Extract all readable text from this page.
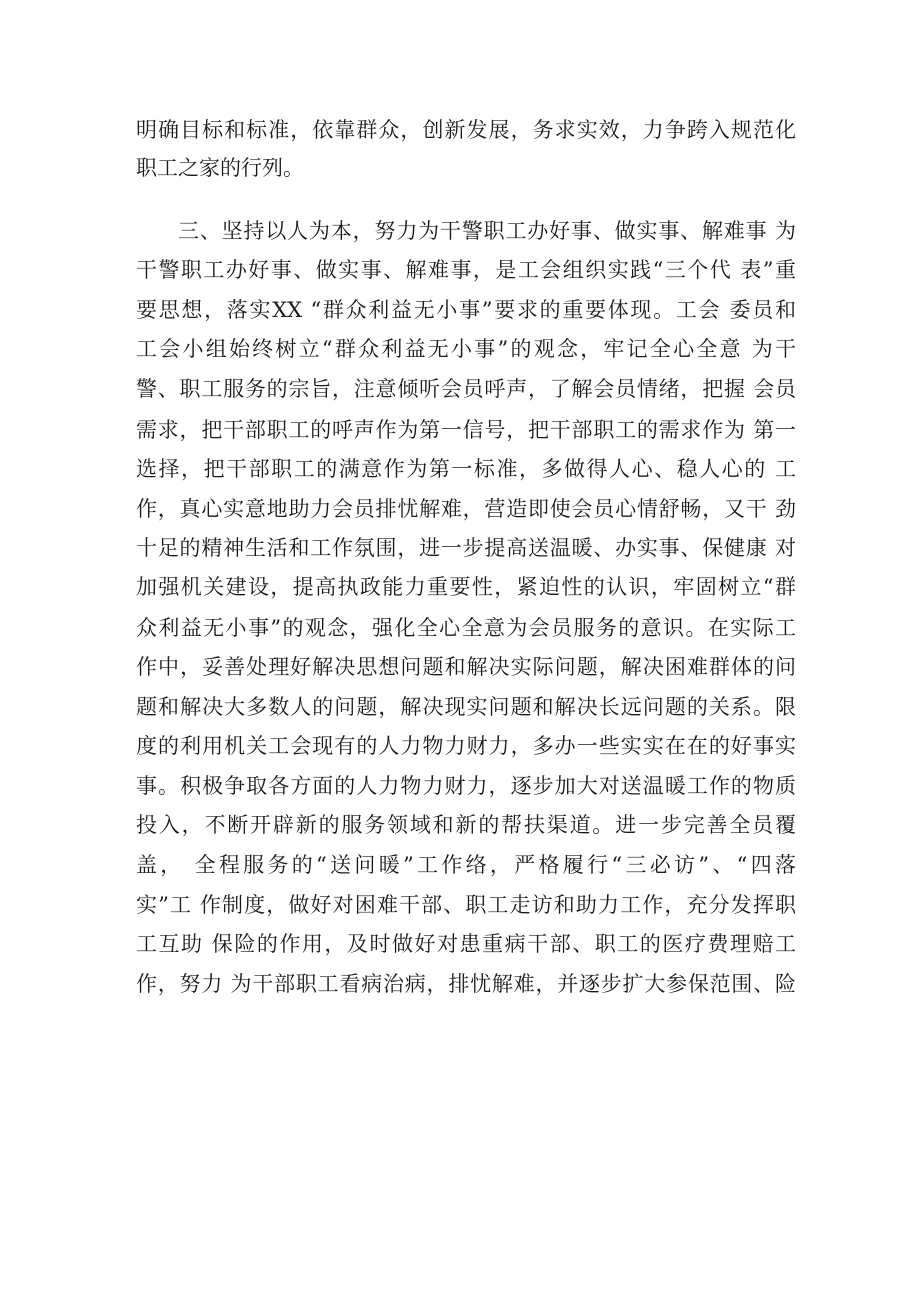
明确目标和标准，依靠群众，创新发展，务求实效，力争跨入规范化
职工之家的行列。
三、坚持以人为本，努力为干警职工办好事、做实事、解难事 为
干警职工办好事、做实事、解难事，是工会组织实践“三个代 表”重
要思想，落实XX “群众利益无小事”要求的重要体现。工会 委员和
工会小组始终树立“群众利益无小事”的观念，牢记全心全意 为干
警、职工服务的宗旨，注意倾听会员呼声，了解会员情绪，把握 会员
需求，把干部职工的呼声作为第一信号，把干部职工的需求作为 第一
选择，把干部职工的满意作为第一标准，多做得人心、稳人心的 工
作，真心实意地助力会员排忧解难，营造即使会员心情舒畅，又干 劲
十足的精神生活和工作氛围，进一步提高送温暖、办实事、保健康 对
加强机关建设，提高执政能力重要性，紧迫性的认识，牢固树立“群
众利益无小事”的观念，强化全心全意为会员服务的意识。在实际工
作中，妥善处理好解决思想问题和解决实际问题，解决困难群体的问
题和解决大多数人的问题，解决现实问题和解决长远问题的关系。限
度的利用机关工会现有的人力物力财力，多办一些实实在在的好事实
事。积极争取各方面的人力物力财力，逐步加大对送温暖工作的物质
投入，不断开辟新的服务领域和新的帮扶渠道。进一步完善全员覆
盖， 全程服务的“送问暖”工作络，严格履行“三必访”、“四落
实”工 作制度，做好对困难干部、职工走访和助力工作，充分发挥职
工互助 保险的作用，及时做好对患重病干部、职工的医疗费理赔工
作，努力 为干部职工看病治病，排忧解难，并逐步扩大参保范围、险
